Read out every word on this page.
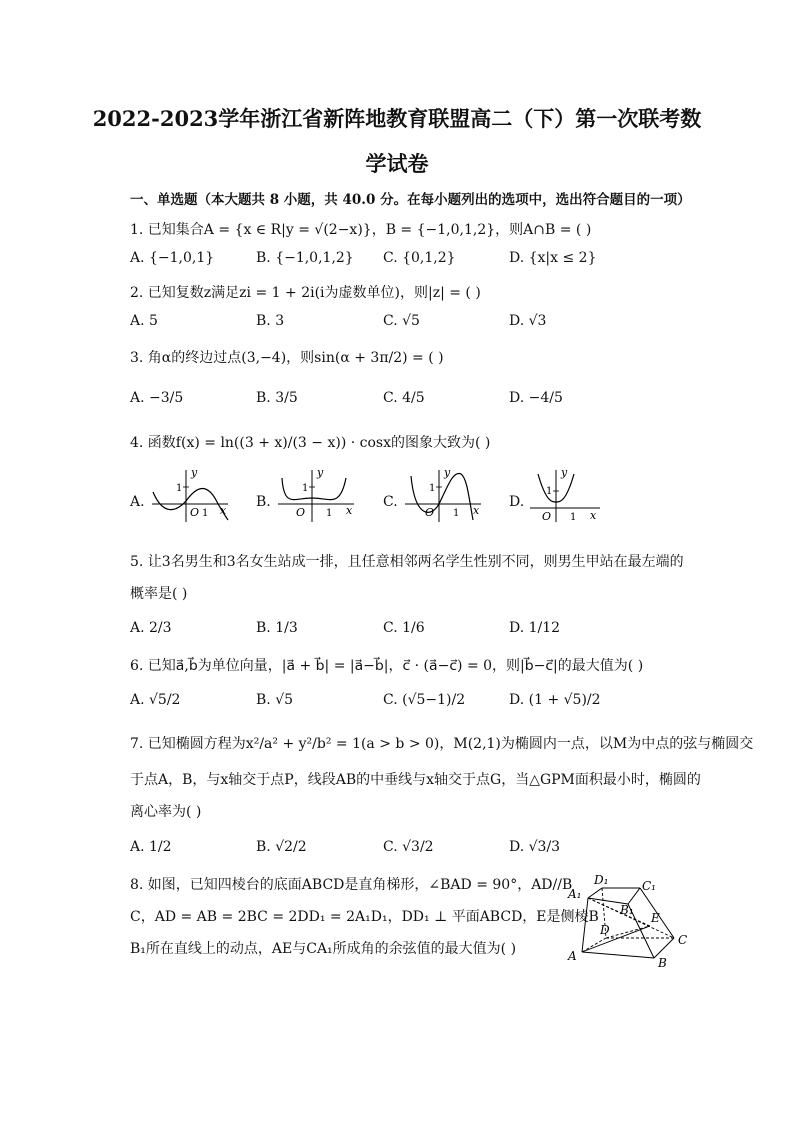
2022-2023学年浙江省新阵地教育联盟高二（下）第一次联考数
学试卷
一、单选题（本大题共 8 小题，共 40.0 分。在每小题列出的选项中，选出符合题目的一项）
1. 已知集合A = {x ∈ R|y = √(2−x)}，B = {−1,0,1,2}，则A∩B = ( )
A. {−1,0,1}	B. {−1,0,1,2} C. {0,1,2}	D. {x|x ≤ 2}
2. 已知复数z满足zi = 1 + 2i(i为虚数单位)，则|z| = ( )
A. 5	B. 3	C. √5	D. √3
3. 角α的终边过点(3,−4)，则sin(α + 3π/2) = ( )
A. −3/5	B. 3/5	C. 4/5	D. −4/5
4. 函数f(x) = ln((3 + x)/(3 − x)) · cosx的图象大致为( )
A.	B.	C.	D.
y
x
O
1
1
y
x
O
1
1
y
x
O
1
1
y
x
O
1
1
5. 让3名男生和3名女生站成一排，且任意相邻两名学生性别不同，则男生甲站在最左端的
概率是( )
A. 2/3	B. 1/3	C. 1/6	D. 1/12
6. 已知a⃗,b⃗为单位向量，|a⃗ + b⃗| = |a⃗−b⃗|，c⃗ · (a⃗−c⃗) = 0，则|b⃗−c⃗|的最大值为( )
A. √5/2	B. √5	C. (√5−1)/2	D. (1 + √5)/2
7. 已知椭圆方程为x²/a² + y²/b² = 1(a > b > 0)，M(2,1)为椭圆内一点，以M为中点的弦与椭圆交
于点A，B，与x轴交于点P，线段AB的中垂线与x轴交于点G，当△GPM面积最小时，椭圆的
离心率为( )
A. 1/2	B. √2/2	C. √3/2	D. √3/3
8. 如图，已知四棱台的底面ABCD是直角梯形，∠BAD = 90°，AD//B
C，AD = AB = 2BC = 2DD₁ = 2A₁D₁，DD₁ ⊥ 平面ABCD，E是侧棱B
B₁所在直线上的动点，AE与CA₁所成角的余弦值的最大值为( )
A₁
D₁	C₁
B₁
E
D
C
A	B
